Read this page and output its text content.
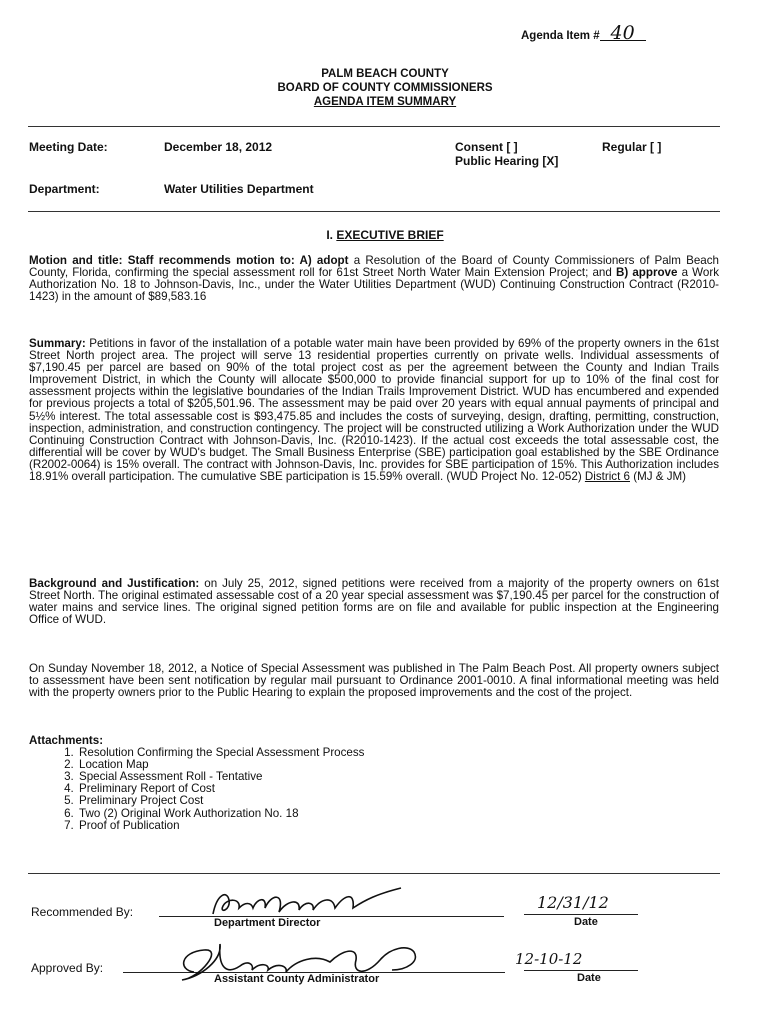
Agenda Item # 40
PALM BEACH COUNTY
BOARD OF COUNTY COMMISSIONERS
AGENDA ITEM SUMMARY
Meeting Date:	December 18, 2012	Consent [ ]	Regular [ ]
Public Hearing [X]
Department:	Water Utilities Department
I. EXECUTIVE BRIEF
Motion and title: Staff recommends motion to: A) adopt a Resolution of the Board of County Commissioners of Palm Beach County, Florida, confirming the special assessment roll for 61st Street North Water Main Extension Project; and B) approve a Work Authorization No. 18 to Johnson-Davis, Inc., under the Water Utilities Department (WUD) Continuing Construction Contract (R2010-1423) in the amount of $89,583.16
Summary: Petitions in favor of the installation of a potable water main have been provided by 69% of the property owners in the 61st Street North project area. The project will serve 13 residential properties currently on private wells. Individual assessments of $7,190.45 per parcel are based on 90% of the total project cost as per the agreement between the County and Indian Trails Improvement District, in which the County will allocate $500,000 to provide financial support for up to 10% of the final cost for assessment projects within the legislative boundaries of the Indian Trails Improvement District. WUD has encumbered and expended for previous projects a total of $205,501.96. The assessment may be paid over 20 years with equal annual payments of principal and 5½% interest. The total assessable cost is $93,475.85 and includes the costs of surveying, design, drafting, permitting, construction, inspection, administration, and construction contingency. The project will be constructed utilizing a Work Authorization under the WUD Continuing Construction Contract with Johnson-Davis, Inc. (R2010-1423). If the actual cost exceeds the total assessable cost, the differential will be cover by WUD's budget. The Small Business Enterprise (SBE) participation goal established by the SBE Ordinance (R2002-0064) is 15% overall. The contract with Johnson-Davis, Inc. provides for SBE participation of 15%. This Authorization includes 18.91% overall participation. The cumulative SBE participation is 15.59% overall. (WUD Project No. 12-052) District 6 (MJ & JM)
Background and Justification: on July 25, 2012, signed petitions were received from a majority of the property owners on 61st Street North. The original estimated assessable cost of a 20 year special assessment was $7,190.45 per parcel for the construction of water mains and service lines. The original signed petition forms are on file and available for public inspection at the Engineering Office of WUD.
On Sunday November 18, 2012, a Notice of Special Assessment was published in The Palm Beach Post. All property owners subject to assessment have been sent notification by regular mail pursuant to Ordinance 2001-0010. A final informational meeting was held with the property owners prior to the Public Hearing to explain the proposed improvements and the cost of the project.
Attachments:
1. Resolution Confirming the Special Assessment Process
2. Location Map
3. Special Assessment Roll - Tentative
4. Preliminary Report of Cost
5. Preliminary Project Cost
6. Two (2) Original Work Authorization No. 18
7. Proof of Publication
Recommended By:
Department Director
12/31/12
Date
Approved By:
Assistant County Administrator
12-10-12
Date
